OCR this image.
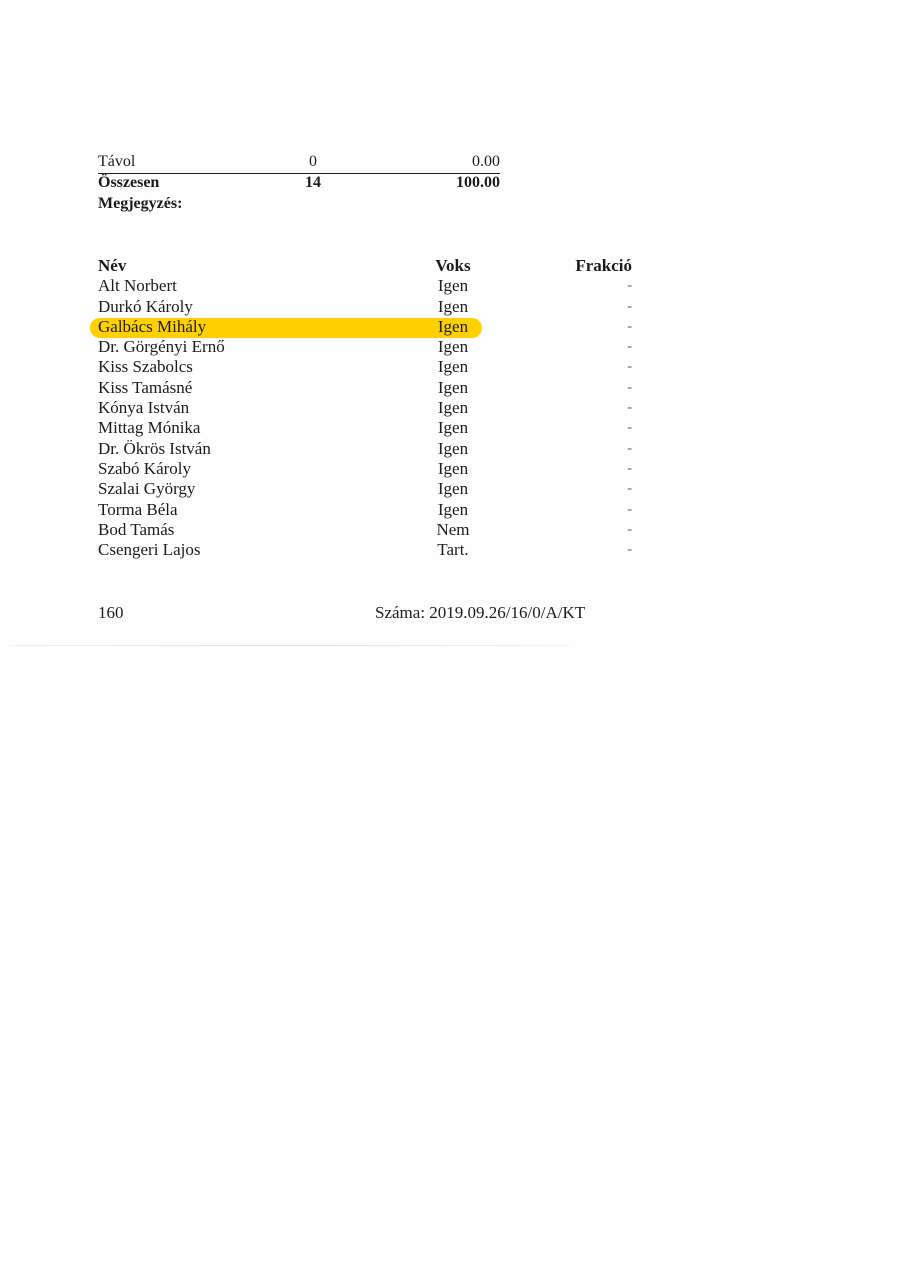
Távol	0	0.00
Összesen	14	100.00
Megjegyzés:
Név	Voks	Frakció
Alt Norbert	Igen	-
Durkó Károly	Igen	-
Galbács Mihály	Igen	-
Dr. Görgényi Ernő	Igen	-
Kiss Szabolcs	Igen	-
Kiss Tamásné	Igen	-
Kónya István	Igen	-
Mittag Mónika	Igen	-
Dr. Ökrös István	Igen	-
Szabó Károly	Igen	-
Szalai György	Igen	-
Torma Béla	Igen	-
Bod Tamás	Nem	-
Csengeri Lajos	Tart.	-
160	Száma: 2019.09.26/16/0/A/KT
